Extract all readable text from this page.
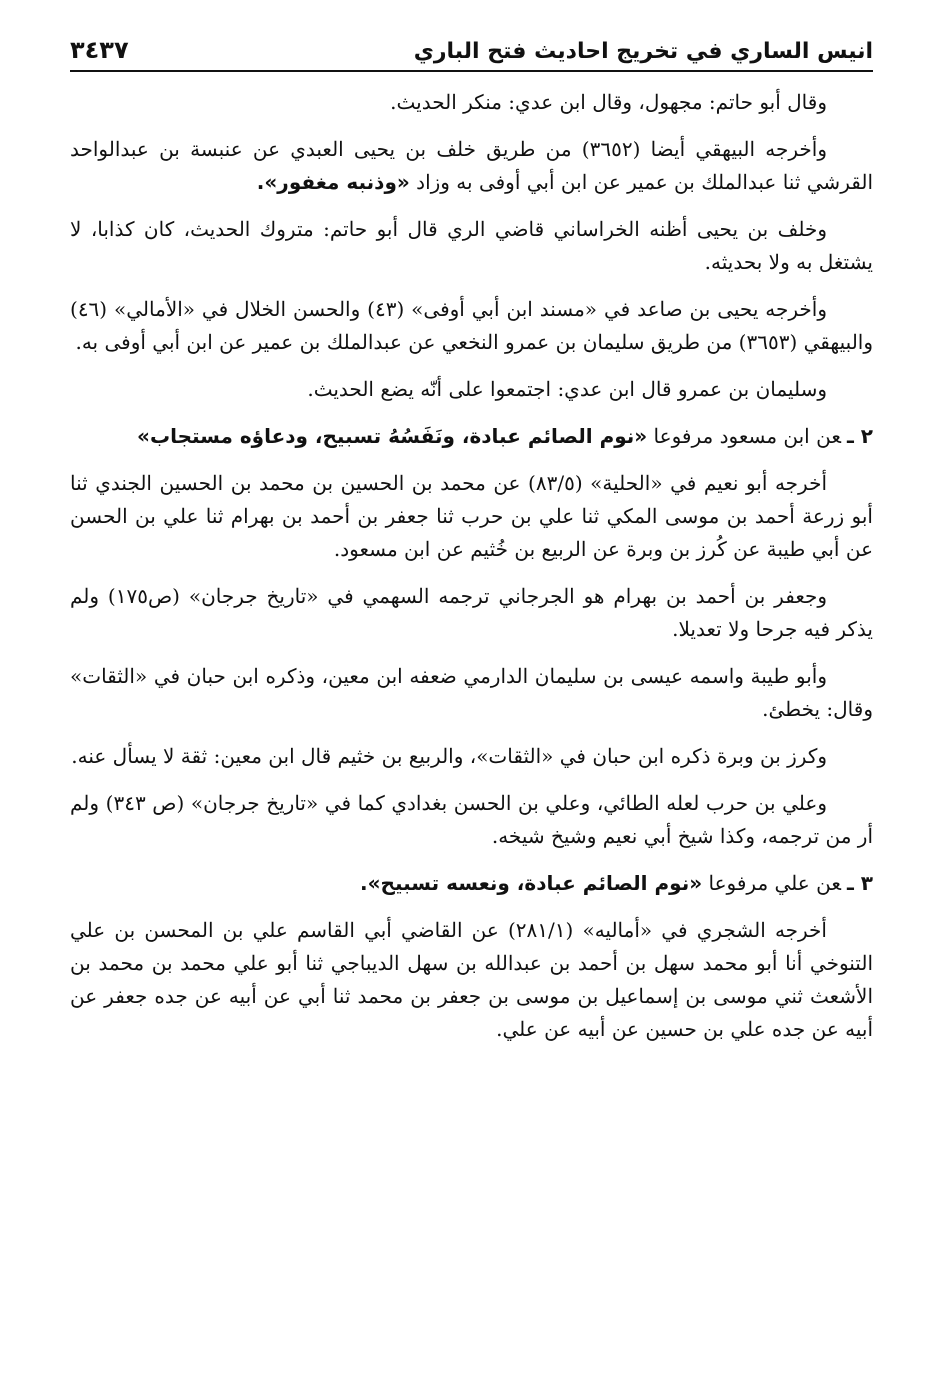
انيس الساري في تخريج احاديث فتح الباري
٣٤٣٧

وقال أبو حاتم: مجهول، وقال ابن عدي: منكر الحديث.

وأخرجه البيهقي أيضا (٣٦٥٢) من طريق خلف بن يحيى العبدي عن عنبسة بن عبدالواحد القرشي ثنا عبدالملك بن عمير عن ابن أبي أوفى به وزاد «وذنبه مغفور».

وخلف بن يحيى أظنه الخراساني قاضي الري قال أبو حاتم: متروك الحديث، كان كذابا، لا يشتغل به ولا بحديثه.

وأخرجه يحيى بن صاعد في «مسند ابن أبي أوفى» (٤٣) والحسن الخلال في «الأمالي» (٤٦) والبيهقي (٣٦٥٣) من طريق سليمان بن عمرو النخعي عن عبدالملك بن عمير عن ابن أبي أوفى به.

وسليمان بن عمرو قال ابن عدي: اجتمعوا على أنّه يضع الحديث.

٢ ـعن ابن مسعود مرفوعا «نوم الصائم عبادة، ونَفَسُهُ تسبيح، ودعاؤه مستجاب»

أخرجه أبو نعيم في «الحلية» (٨٣/٥) عن محمد بن الحسين بن محمد بن الحسين الجندي ثنا أبو زرعة أحمد بن موسى المكي ثنا علي بن حرب ثنا جعفر بن أحمد بن بهرام ثنا علي بن الحسن عن أبي طيبة عن كُرز بن وبرة عن الربيع بن خُثيم عن ابن مسعود.

وجعفر بن أحمد بن بهرام هو الجرجاني ترجمه السهمي في «تاريخ جرجان» (ص١٧٥) ولم يذكر فيه جرحا ولا تعديلا.

وأبو طيبة واسمه عيسى بن سليمان الدارمي ضعفه ابن معين، وذكره ابن حبان في «الثقات» وقال: يخطئ.

وكرز بن وبرة ذكره ابن حبان في «الثقات»، والربيع بن خثيم قال ابن معين: ثقة لا يسأل عنه.

وعلي بن حرب لعله الطائي، وعلي بن الحسن بغدادي كما في «تاريخ جرجان» (ص ٣٤٣) ولم أر من ترجمه، وكذا شيخ أبي نعيم وشيخ شيخه.

٣ ـعن علي مرفوعا «نوم الصائم عبادة، ونعسه تسبيح».

أخرجه الشجري في «أماليه» (٢٨١/١) عن القاضي أبي القاسم علي بن المحسن بن علي التنوخي أنا أبو محمد سهل بن أحمد بن عبدالله بن سهل الديباجي ثنا أبو علي محمد بن محمد بن الأشعث ثني موسى بن إسماعيل بن موسى بن جعفر بن محمد ثنا أبي عن أبيه عن جده جعفر عن أبيه عن جده علي بن حسين عن أبيه عن علي.
